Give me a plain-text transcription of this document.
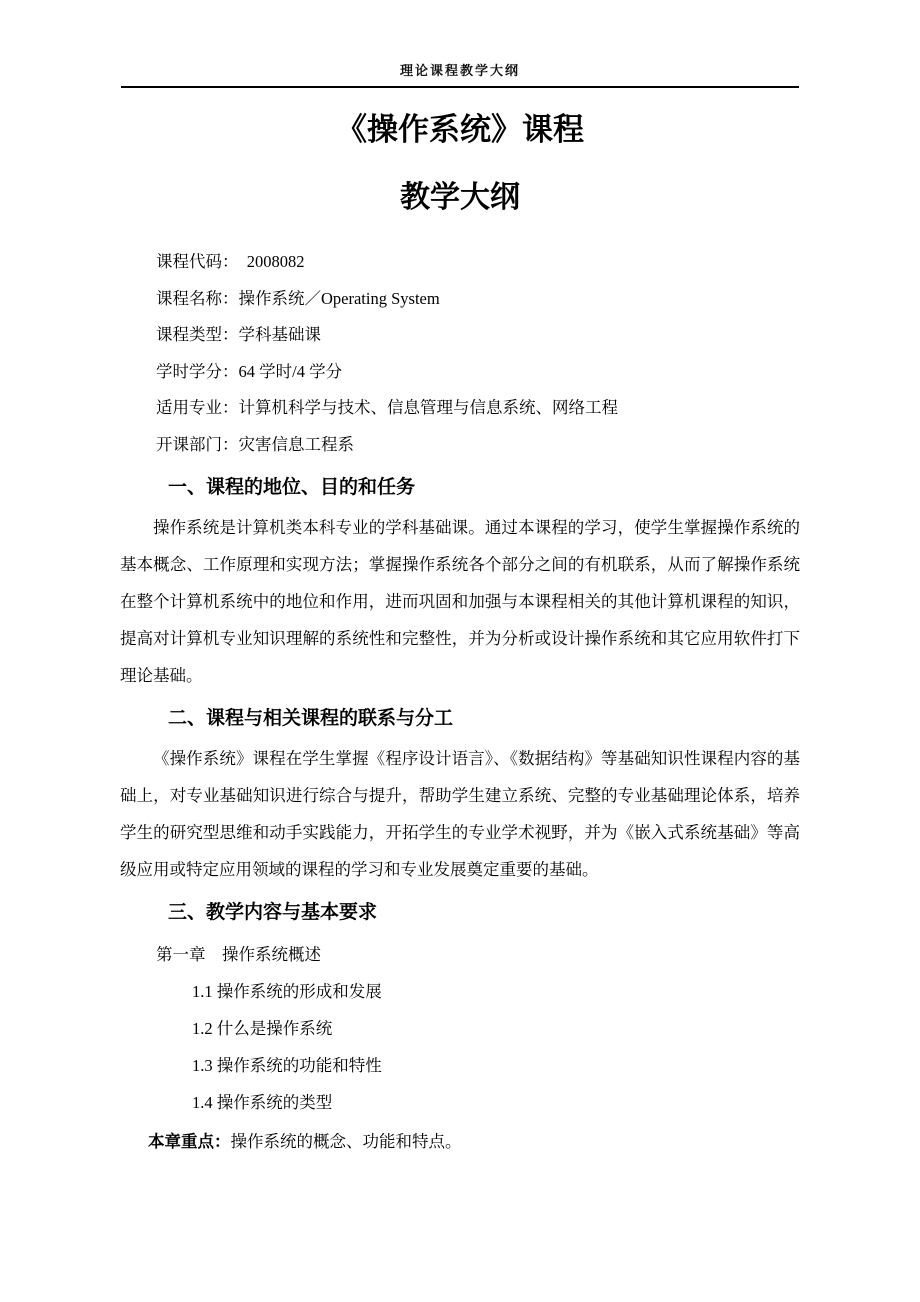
理论课程教学大纲
《操作系统》课程
教学大纲
课程代码：  2008082
课程名称：操作系统／Operating System
课程类型：学科基础课
学时学分：64 学时/4 学分
适用专业：计算机科学与技术、信息管理与信息系统、网络工程
开课部门：灾害信息工程系
一、课程的地位、目的和任务
操作系统是计算机类本科专业的学科基础课。通过本课程的学习，使学生掌握操作系统的基本概念、工作原理和实现方法；掌握操作系统各个部分之间的有机联系，从而了解操作系统在整个计算机系统中的地位和作用，进而巩固和加强与本课程相关的其他计算机课程的知识，提高对计算机专业知识理解的系统性和完整性，并为分析或设计操作系统和其它应用软件打下理论基础。
二、课程与相关课程的联系与分工
《操作系统》课程在学生掌握《程序设计语言》、《数据结构》等基础知识性课程内容的基础上，对专业基础知识进行综合与提升，帮助学生建立系统、完整的专业基础理论体系，培养学生的研究型思维和动手实践能力，开拓学生的专业学术视野，并为《嵌入式系统基础》等高级应用或特定应用领域的课程的学习和专业发展奠定重要的基础。
三、教学内容与基本要求
第一章　操作系统概述
1.1 操作系统的形成和发展
1.2 什么是操作系统
1.3 操作系统的功能和特性
1.4 操作系统的类型
本章重点：操作系统的概念、功能和特点。
